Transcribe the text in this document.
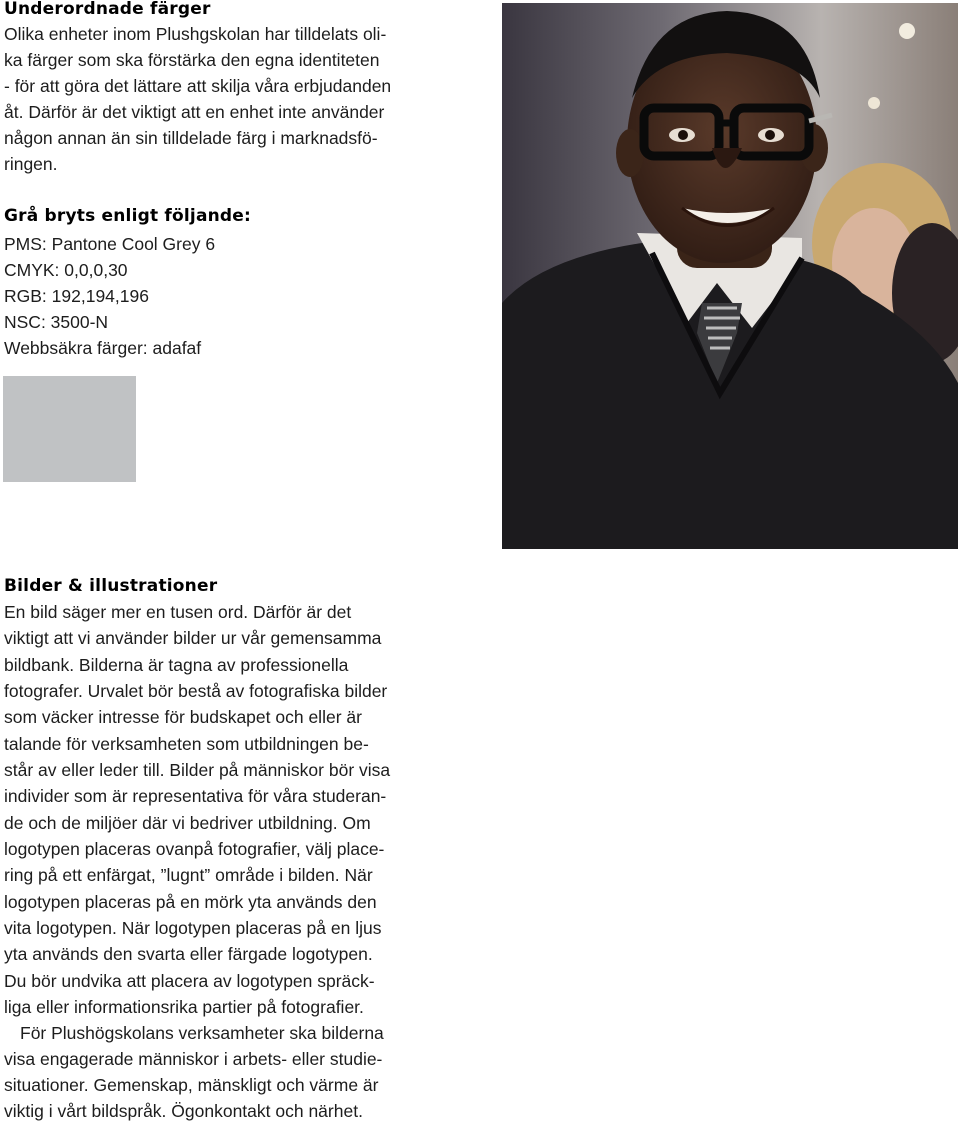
Underordnade färger
Olika enheter inom Plushgskolan har tilldelats oli-
ka färger som ska förstärka den egna identiteten
- för att göra det lättare att skilja våra erbjudanden
åt. Därför är det viktigt att en enhet inte använder
någon annan än sin tilldelade färg i marknadsfö-
ringen.
Grå bryts enligt följande:
PMS: Pantone Cool Grey 6
CMYK: 0,0,0,30
RGB: 192,194,196
NSC: 3500-N
Webbsäkra färger: adafaf
Bilder & illustrationer
En bild säger mer en tusen ord. Därför är det
viktigt att vi använder bilder ur vår gemensamma
bildbank. Bilderna är tagna av professionella
fotografer. Urvalet bör bestå av fotografiska bilder
som väcker intresse för budskapet och eller är
talande för verksamheten som utbildningen be-
står av eller leder till. Bilder på människor bör visa
individer som är representativa för våra studeran-
de och de miljöer där vi bedriver utbildning. Om
logotypen placeras ovanpå fotografier, välj place-
ring på ett enfärgat, ”lugnt” område i bilden. När
logotypen placeras på en mörk yta används den
vita logotypen. När logotypen placeras på en ljus
yta används den svarta eller färgade logotypen.
Du bör undvika att placera av logotypen spräck-
liga eller informationsrika partier på fotografier.
För Plushögskolans verksamheter ska bilderna
visa engagerade människor i arbets- eller studie-
situationer. Gemenskap, mänskligt och värme är
viktig i vårt bildspråk. Ögonkontakt och närhet.
